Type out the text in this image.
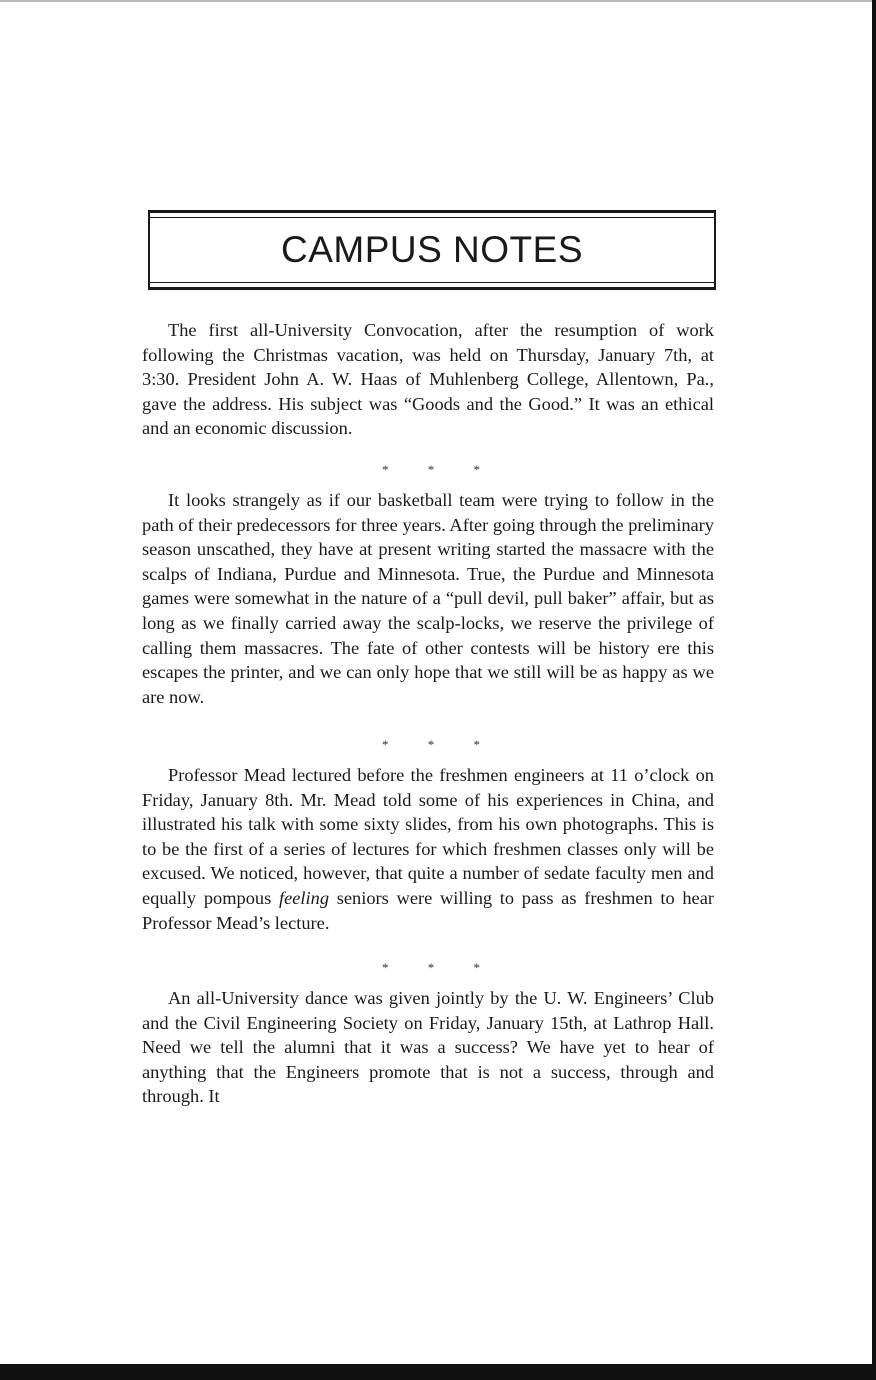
CAMPUS NOTES

The first all-University Convocation, after the resumption of work following the Christmas vacation, was held on Thursday, January 7th, at 3:30. President John A. W. Haas of Muhlenberg College, Allentown, Pa., gave the address. His subject was “Goods and the Good.” It was an ethical and an economic discussion.

* * *

It looks strangely as if our basketball team were trying to follow in the path of their predecessors for three years. After going through the preliminary season unscathed, they have at present writing started the massacre with the scalps of Indiana, Purdue and Minnesota. True, the Purdue and Minnesota games were somewhat in the nature of a “pull devil, pull baker” affair, but as long as we finally carried away the scalp-locks, we reserve the privilege of calling them massacres. The fate of other contests will be history ere this escapes the printer, and we can only hope that we still will be as happy as we are now.

* * *

Professor Mead lectured before the freshmen engineers at 11 o’clock on Friday, January 8th. Mr. Mead told some of his experiences in China, and illustrated his talk with some sixty slides, from his own photographs. This is to be the first of a series of lectures for which freshmen classes only will be excused. We noticed, however, that quite a number of sedate faculty men and equally pompous feeling seniors were willing to pass as freshmen to hear Professor Mead’s lecture.

* * *

An all-University dance was given jointly by the U. W. Engineers’ Club and the Civil Engineering Society on Friday, January 15th, at Lathrop Hall. Need we tell the alumni that it was a success? We have yet to hear of anything that the Engineers promote that is not a success, through and through. It
